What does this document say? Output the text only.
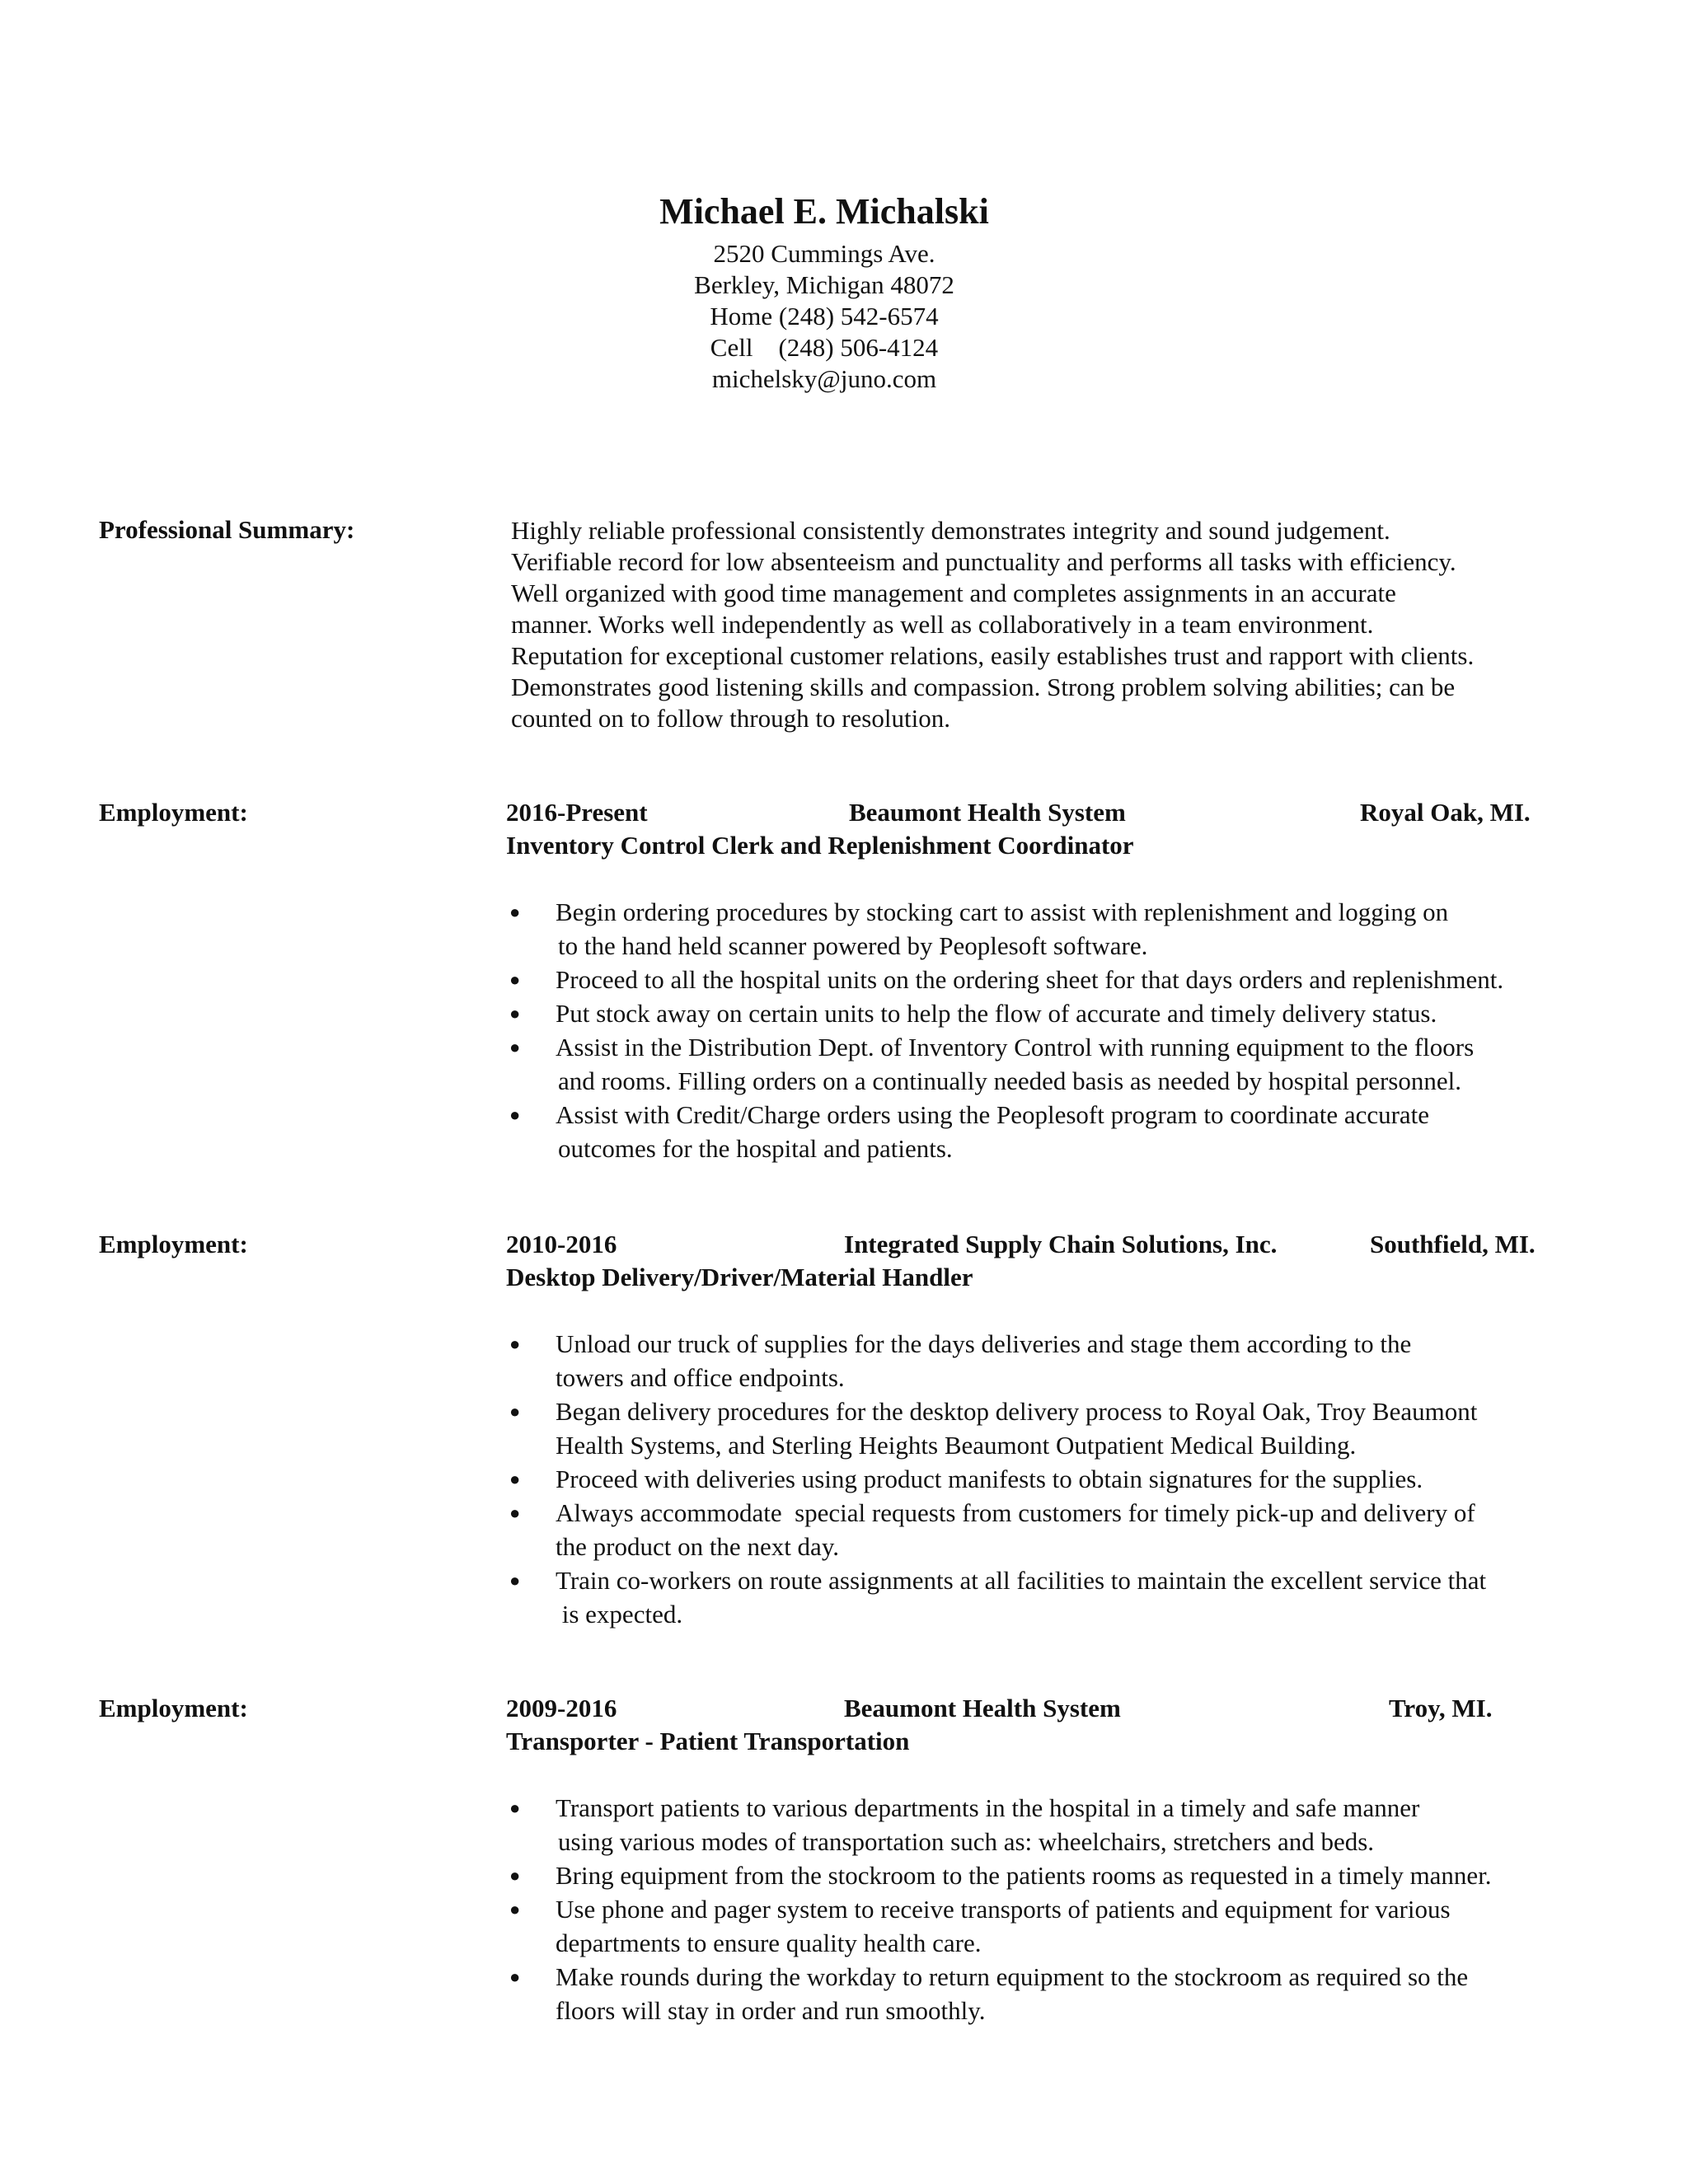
Michael E. Michalski
2520 Cummings Ave.
Berkley, Michigan 48072
Home (248) 542-6574
Cell    (248) 506-4124
michelsky@juno.com
Professional Summary:	Highly reliable professional consistently demonstrates integrity and sound judgement.
Verifiable record for low absenteeism and punctuality and performs all tasks with efficiency.
Well organized with good time management and completes assignments in an accurate
manner. Works well independently as well as collaboratively in a team environment.
Reputation for exceptional customer relations, easily establishes trust and rapport with clients.
Demonstrates good listening skills and compassion. Strong problem solving abilities; can be
counted on to follow through to resolution.
Employment:	2016-Present	Beaumont Health System	Royal Oak, MI.
Inventory Control Clerk and Replenishment Coordinator
● Begin ordering procedures by stocking cart to assist with replenishment and logging on
to the hand held scanner powered by Peoplesoft software.
● Proceed to all the hospital units on the ordering sheet for that days orders and replenishment.
● Put stock away on certain units to help the flow of accurate and timely delivery status.
● Assist in the Distribution Dept. of Inventory Control with running equipment to the floors
and rooms. Filling orders on a continually needed basis as needed by hospital personnel.
● Assist with Credit/Charge orders using the Peoplesoft program to coordinate accurate
outcomes for the hospital and patients.
Employment:	2010-2016	Integrated Supply Chain Solutions, Inc.	Southfield, MI.
Desktop Delivery/Driver/Material Handler
● Unload our truck of supplies for the days deliveries and stage them according to the
towers and office endpoints.
● Began delivery procedures for the desktop delivery process to Royal Oak, Troy Beaumont
Health Systems, and Sterling Heights Beaumont Outpatient Medical Building.
● Proceed with deliveries using product manifests to obtain signatures for the supplies.
● Always accommodate  special requests from customers for timely pick-up and delivery of
the product on the next day.
● Train co-workers on route assignments at all facilities to maintain the excellent service that
is expected.
Employment:	2009-2016	Beaumont Health System	Troy, MI.
Transporter - Patient Transportation
● Transport patients to various departments in the hospital in a timely and safe manner
using various modes of transportation such as: wheelchairs, stretchers and beds.
● Bring equipment from the stockroom to the patients rooms as requested in a timely manner.
● Use phone and pager system to receive transports of patients and equipment for various
departments to ensure quality health care.
● Make rounds during the workday to return equipment to the stockroom as required so the
floors will stay in order and run smoothly.
